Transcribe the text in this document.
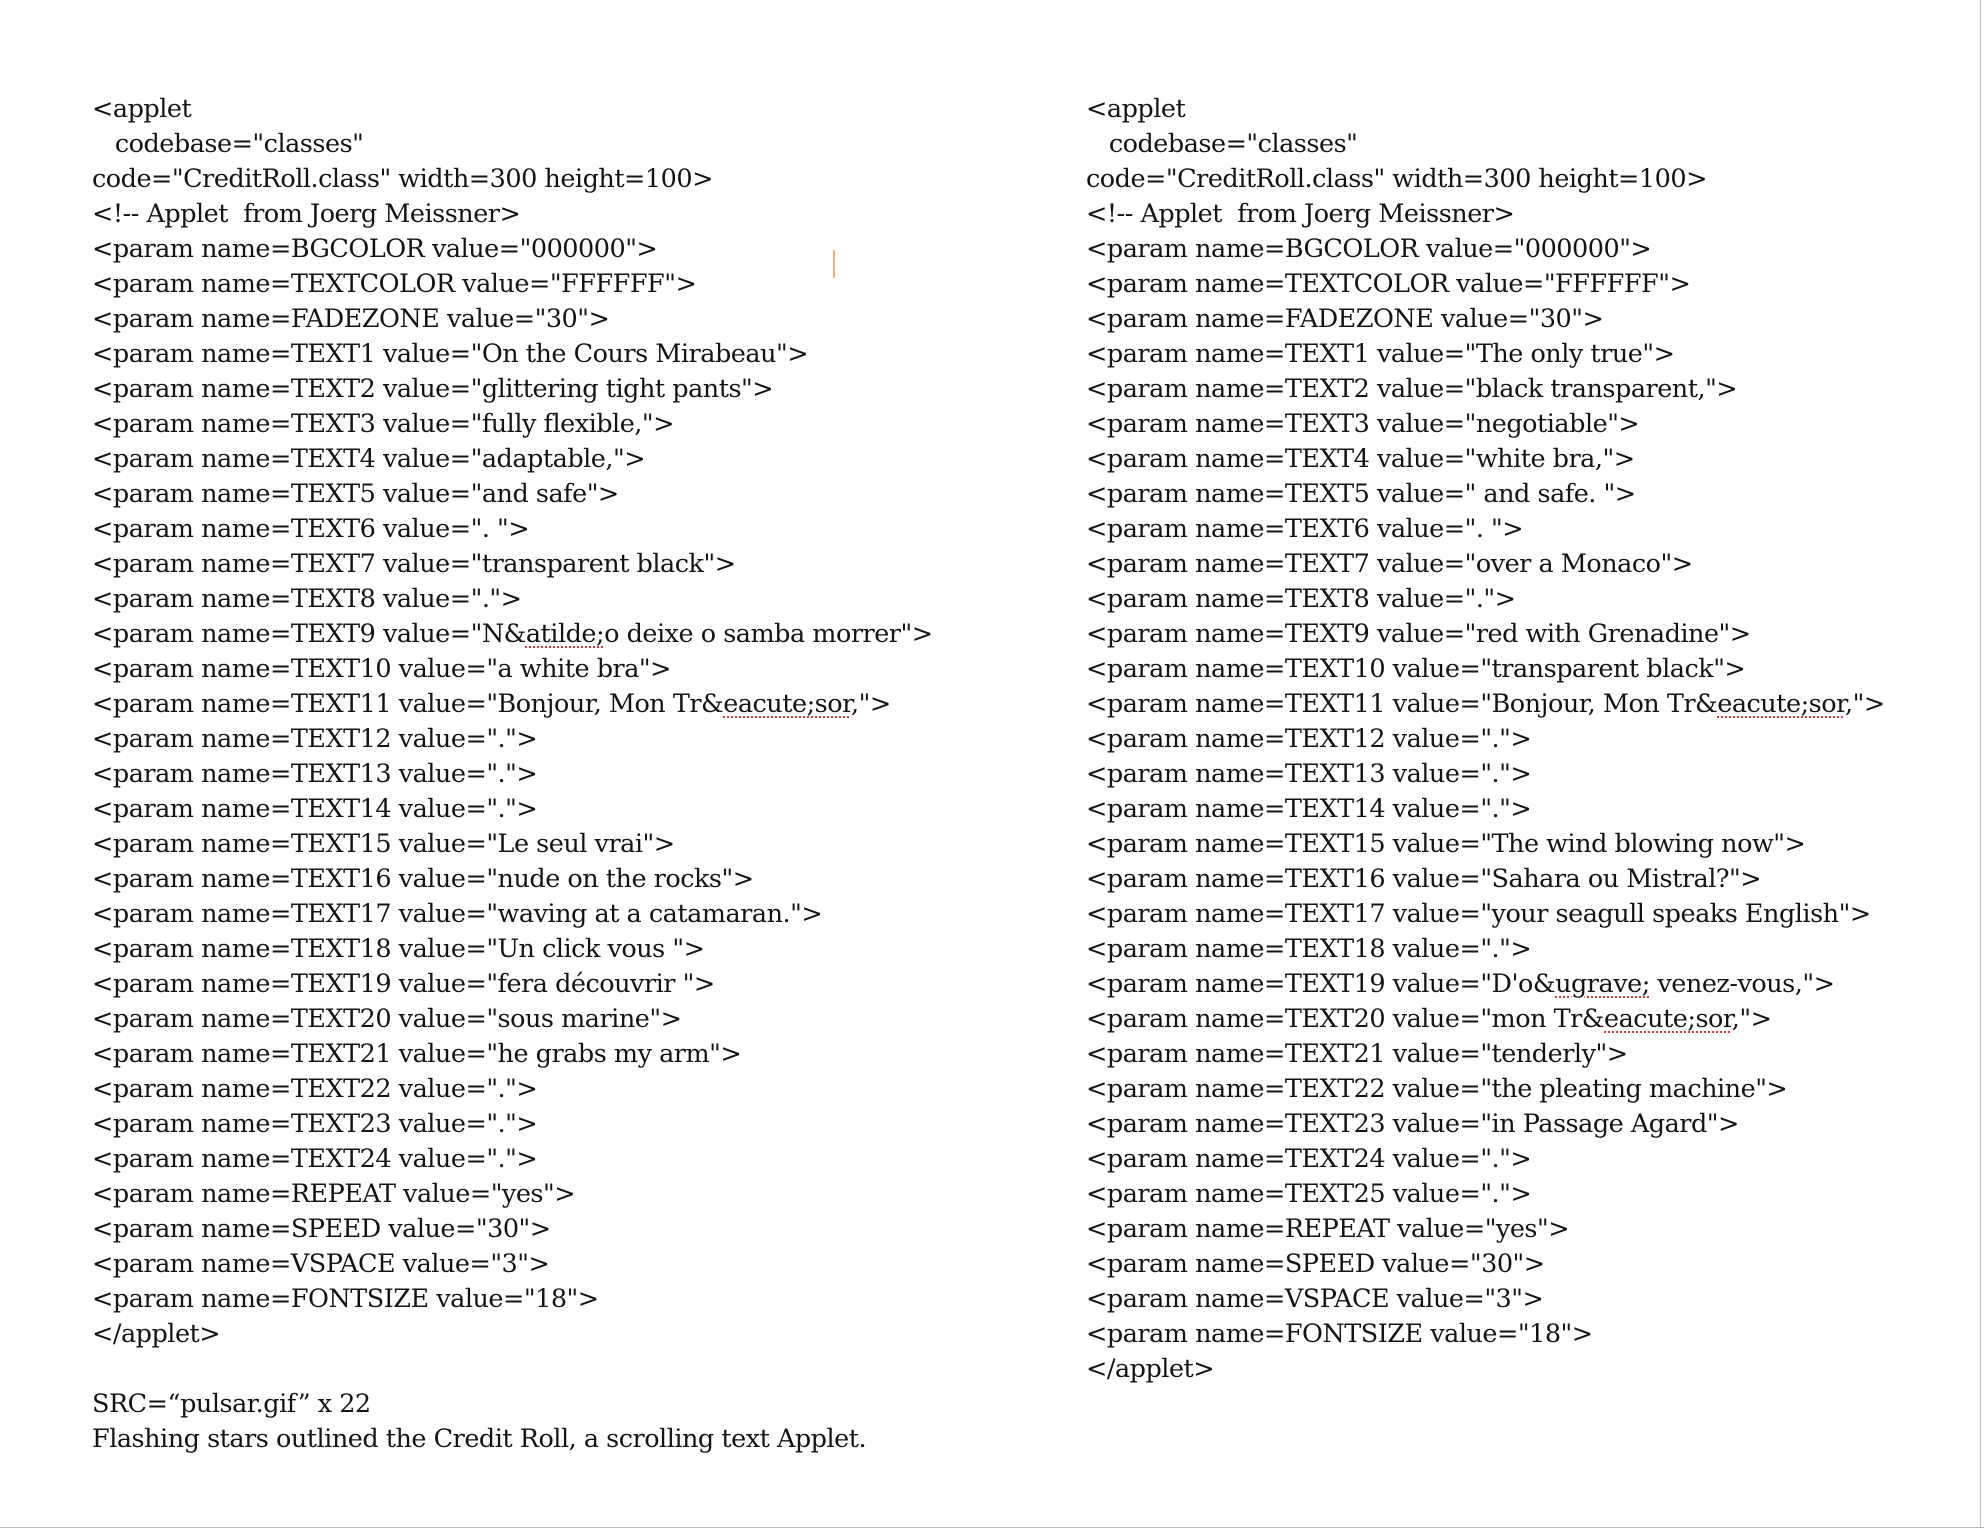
<applet
codebase="classes"
code="CreditRoll.class" width=300 height=100>
<!-- Applet  from Joerg Meissner>
<param name=BGCOLOR value="000000">
<param name=TEXTCOLOR value="FFFFFF">
<param name=FADEZONE value="30">
<param name=TEXT1 value="On the Cours Mirabeau">
<param name=TEXT2 value="glittering tight pants">
<param name=TEXT3 value="fully flexible,">
<param name=TEXT4 value="adaptable,">
<param name=TEXT5 value="and safe">
<param name=TEXT6 value=". ">
<param name=TEXT7 value="transparent black">
<param name=TEXT8 value=".">
<param name=TEXT9 value="N&atilde;o deixe o samba morrer">
<param name=TEXT10 value="a white bra">
<param name=TEXT11 value="Bonjour, Mon Tr&eacute;sor,">
<param name=TEXT12 value=".">
<param name=TEXT13 value=".">
<param name=TEXT14 value=".">
<param name=TEXT15 value="Le seul vrai">
<param name=TEXT16 value="nude on the rocks">
<param name=TEXT17 value="waving at a catamaran.">
<param name=TEXT18 value="Un click vous ">
<param name=TEXT19 value="fera découvrir ">
<param name=TEXT20 value="sous marine">
<param name=TEXT21 value="he grabs my arm">
<param name=TEXT22 value=".">
<param name=TEXT23 value=".">
<param name=TEXT24 value=".">
<param name=REPEAT value="yes">
<param name=SPEED value="30">
<param name=VSPACE value="3">
<param name=FONTSIZE value="18">
</applet>
SRC=“pulsar.gif” x 22
Flashing stars outlined the Credit Roll, a scrolling text Applet.
<applet
codebase="classes"
code="CreditRoll.class" width=300 height=100>
<!-- Applet  from Joerg Meissner>
<param name=BGCOLOR value="000000">
<param name=TEXTCOLOR value="FFFFFF">
<param name=FADEZONE value="30">
<param name=TEXT1 value="The only true">
<param name=TEXT2 value="black transparent,">
<param name=TEXT3 value="negotiable">
<param name=TEXT4 value="white bra,">
<param name=TEXT5 value=" and safe. ">
<param name=TEXT6 value=". ">
<param name=TEXT7 value="over a Monaco">
<param name=TEXT8 value=".">
<param name=TEXT9 value="red with Grenadine">
<param name=TEXT10 value="transparent black">
<param name=TEXT11 value="Bonjour, Mon Tr&eacute;sor,">
<param name=TEXT12 value=".">
<param name=TEXT13 value=".">
<param name=TEXT14 value=".">
<param name=TEXT15 value="The wind blowing now">
<param name=TEXT16 value="Sahara ou Mistral?">
<param name=TEXT17 value="your seagull speaks English">
<param name=TEXT18 value=".">
<param name=TEXT19 value="D'o&ugrave; venez-vous,">
<param name=TEXT20 value="mon Tr&eacute;sor,">
<param name=TEXT21 value="tenderly">
<param name=TEXT22 value="the pleating machine">
<param name=TEXT23 value="in Passage Agard">
<param name=TEXT24 value=".">
<param name=TEXT25 value=".">
<param name=REPEAT value="yes">
<param name=SPEED value="30">
<param name=VSPACE value="3">
<param name=FONTSIZE value="18">
</applet>
